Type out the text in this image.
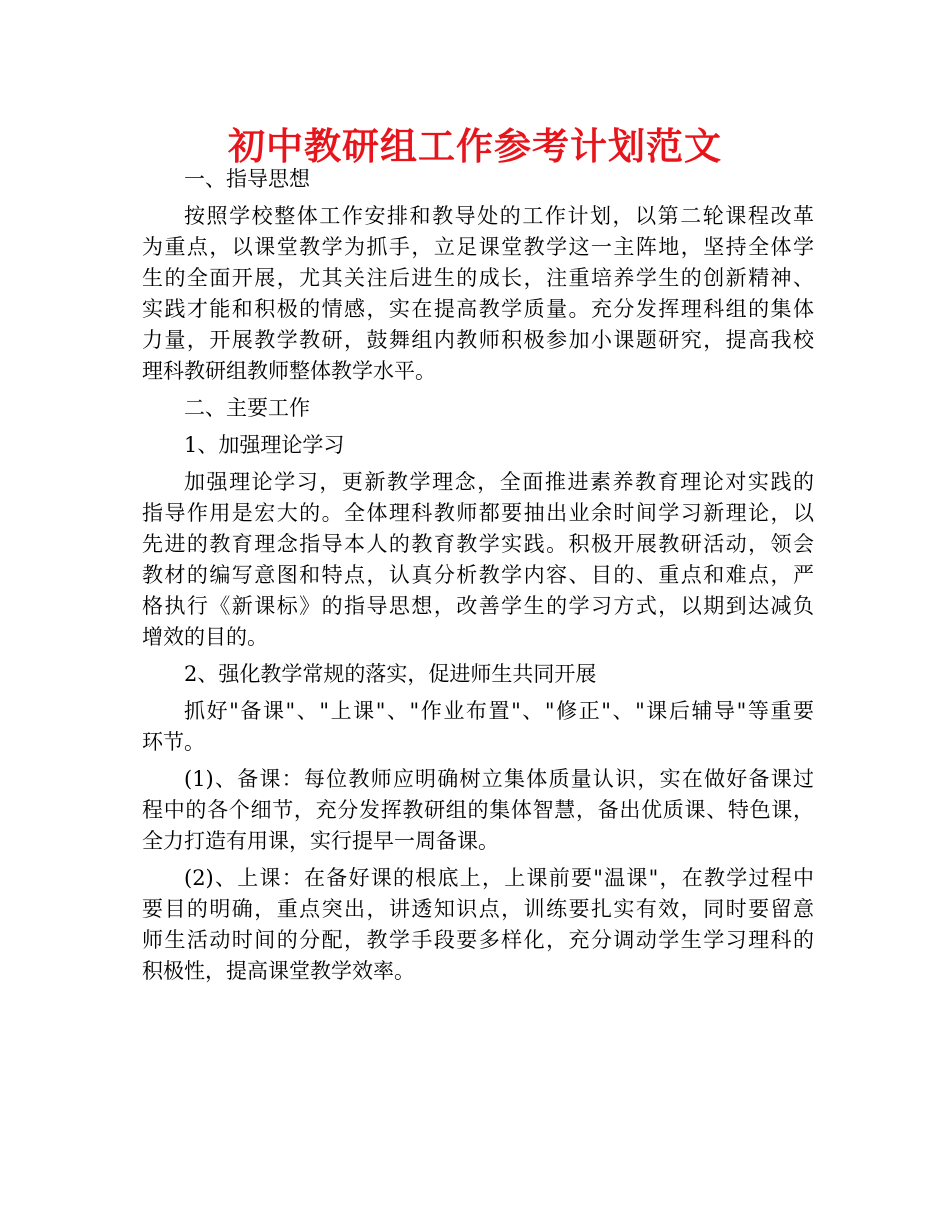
初中教研组工作参考计划范文
一、指导思想
按照学校整体工作安排和教导处的工作计划，以第二轮课程改革
为重点，以课堂教学为抓手，立足课堂教学这一主阵地，坚持全体学
生的全面开展，尤其关注后进生的成长，注重培养学生的创新精神、
实践才能和积极的情感，实在提高教学质量。充分发挥理科组的集体
力量，开展教学教研，鼓舞组内教师积极参加小课题研究，提高我校
理科教研组教师整体教学水平。
二、主要工作
1、加强理论学习
加强理论学习，更新教学理念，全面推进素养教育理论对实践的
指导作用是宏大的。全体理科教师都要抽出业余时间学习新理论，以
先进的教育理念指导本人的教育教学实践。积极开展教研活动，领会
教材的编写意图和特点，认真分析教学内容、目的、重点和难点，严
格执行《新课标》的指导思想，改善学生的学习方式，以期到达减负
增效的目的。
2、强化教学常规的落实，促进师生共同开展
抓好"备课"、"上课"、"作业布置"、"修正"、"课后辅导"等重要
环节。
(1)、备课：每位教师应明确树立集体质量认识，实在做好备课过
程中的各个细节，充分发挥教研组的集体智慧，备出优质课、特色课，
全力打造有用课，实行提早一周备课。
(2)、上课：在备好课的根底上，上课前要"温课"，在教学过程中
要目的明确，重点突出，讲透知识点，训练要扎实有效，同时要留意
师生活动时间的分配，教学手段要多样化，充分调动学生学习理科的
积极性，提高课堂教学效率。
